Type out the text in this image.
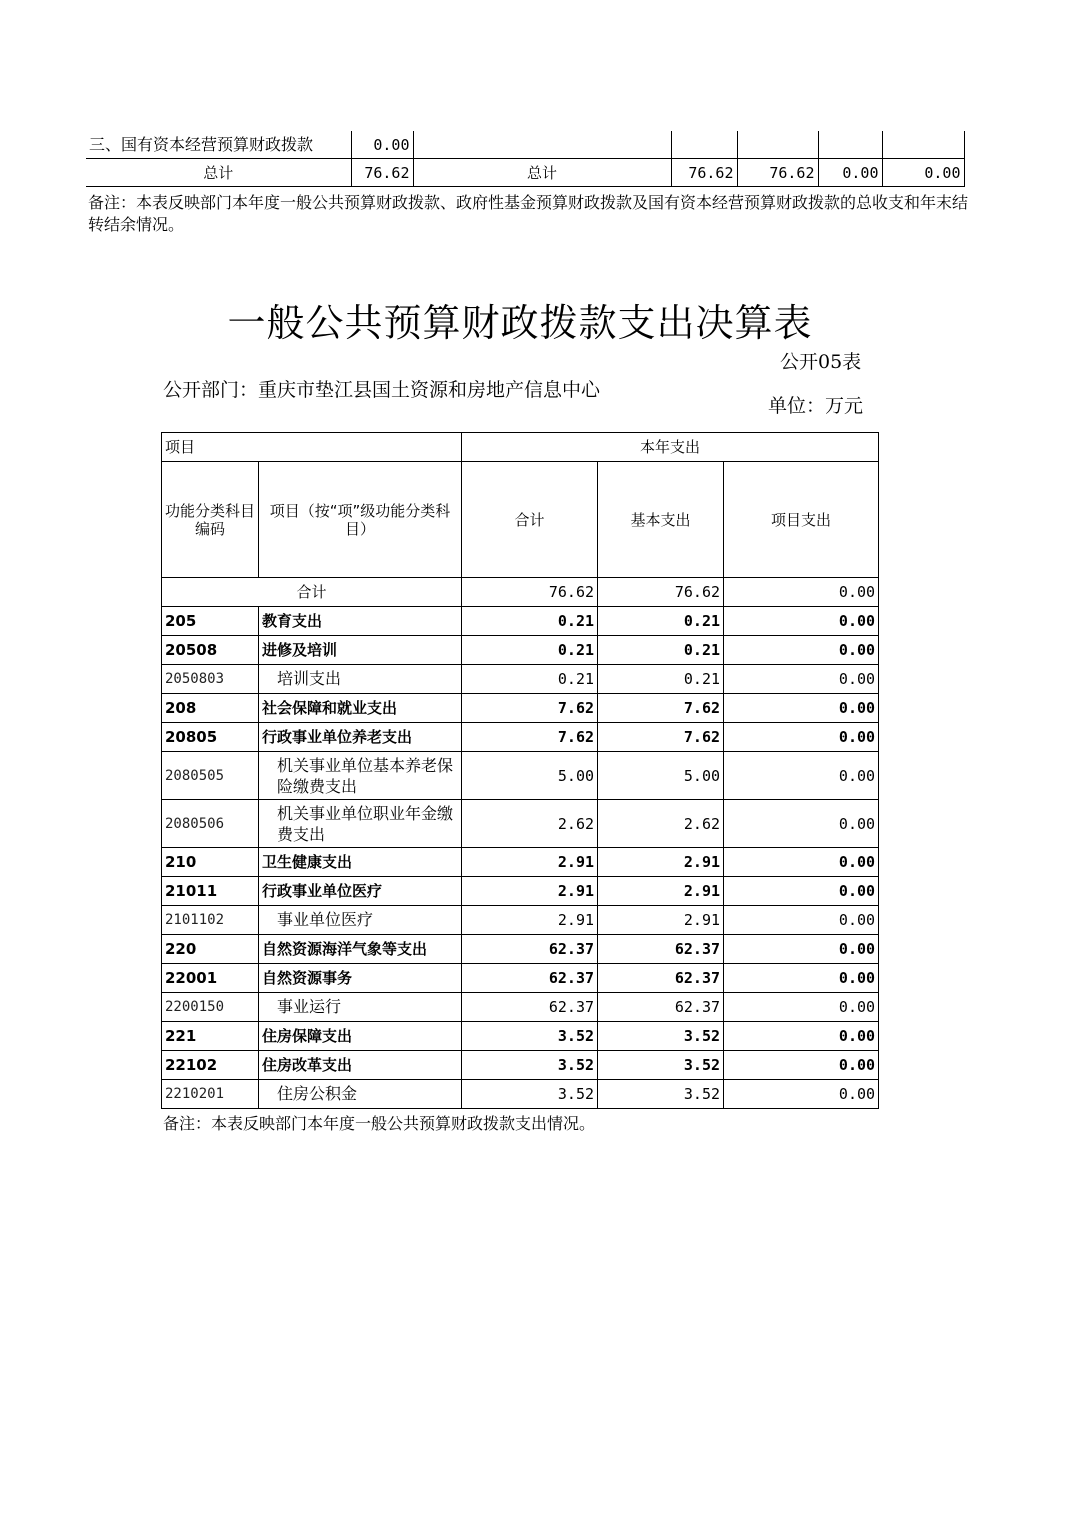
三、国有资本经营预算财政拨款	0.00					
总计	76.62	总计	76.62	76.62	0.00	0.00
备注：本表反映部门本年度一般公共预算财政拨款、政府性基金预算财政拨款及国有资本经营预算财政拨款的总收支和年末结转结余情况。
一般公共预算财政拨款支出决算表
公开05表
公开部门：重庆市垫江县国土资源和房地产信息中心
单位：万元
项目		本年支出		
功能分类科目编码	项目（按“项”级功能分类科目）	合计	基本支出	项目支出
合计		76.62	76.62	0.00
205	教育支出	0.21	0.21	0.00
20508	进修及培训	0.21	0.21	0.00
2050803	培训支出	0.21	0.21	0.00
208	社会保障和就业支出	7.62	7.62	0.00
20805	行政事业单位养老支出	7.62	7.62	0.00
2080505	机关事业单位基本养老保险缴费支出	5.00	5.00	0.00
2080506	机关事业单位职业年金缴费支出	2.62	2.62	0.00
210	卫生健康支出	2.91	2.91	0.00
21011	行政事业单位医疗	2.91	2.91	0.00
2101102	事业单位医疗	2.91	2.91	0.00
220	自然资源海洋气象等支出	62.37	62.37	0.00
22001	自然资源事务	62.37	62.37	0.00
2200150	事业运行	62.37	62.37	0.00
221	住房保障支出	3.52	3.52	0.00
22102	住房改革支出	3.52	3.52	0.00
2210201	住房公积金	3.52	3.52	0.00
备注：本表反映部门本年度一般公共预算财政拨款支出情况。
